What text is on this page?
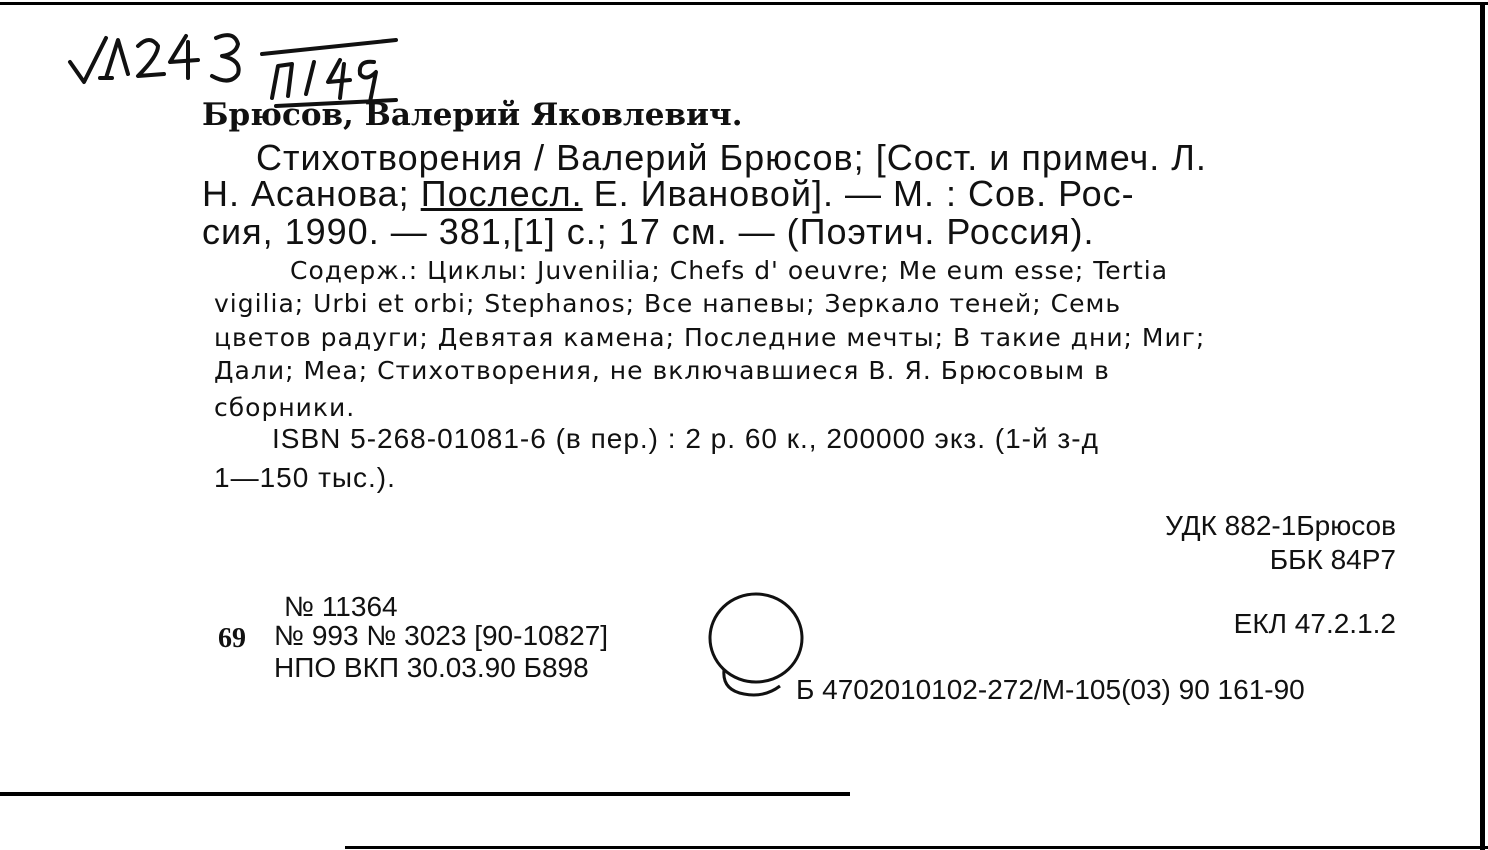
Брюсов, Валерий Яковлевич.
Стихотворения / Валерий Брюсов; [Сост. и примеч. Л.
Н. Асанова; Послесл. Е. Ивановой]. — М. : Сов. Рос-
сия, 1990. — 381,[1] с.; 17 см. — (Поэтич. Россия).
Содерж.: Циклы: Juvenilia; Chefs d' oeuvre; Me eum esse; Tertia
vigilia; Urbi et orbi; Stephanos; Все напевы; Зеркало теней; Семь
цветов радуги; Девятая камена; Последние мечты; В такие дни; Миг;
Дали; Mea; Стихотворения, не включавшиеся В. Я. Брюсовым в
сборники.
ISBN 5-268-01081-6 (в пер.) : 2 р. 60 к., 200000 экз. (1-й з-д
1—150 тыс.).
УДК 882-1Брюсов
ББК 84Р7
ЕКЛ 47.2.1.2
Б 4702010102-272/М-105(03) 90 161-90
№ 11364
69 № 993 № 3023 [90-10827]
НПО ВКП 30.03.90 Б898
